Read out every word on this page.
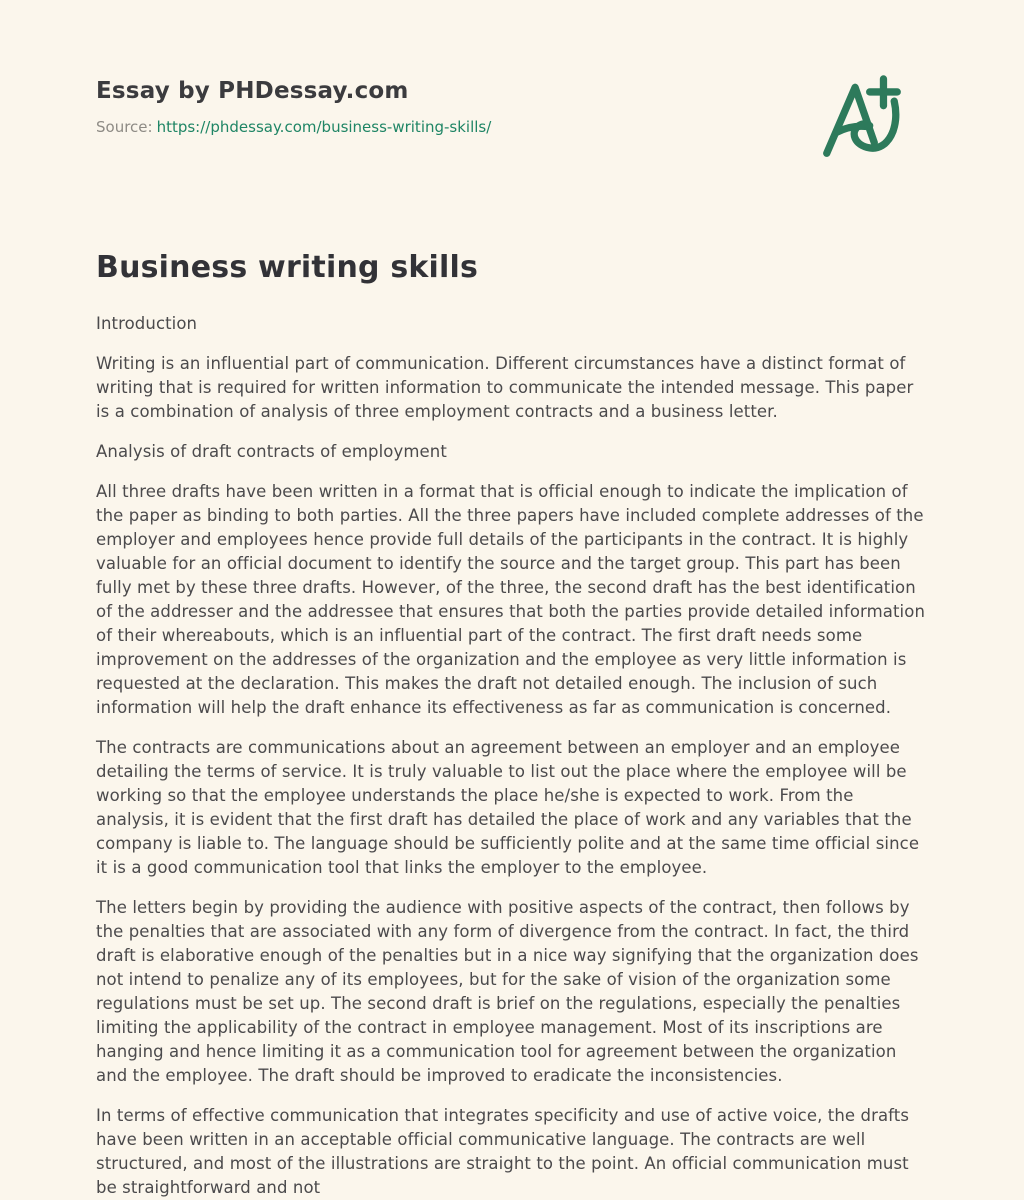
Essay by PHDessay.com
Source: https://phdessay.com/business-writing-skills/
Business writing skills

Introduction

Writing is an influential part of communication. Different circumstances have a distinct format of writing that is required for written information to communicate the intended message. This paper is a combination of analysis of three employment contracts and a business letter.

Analysis of draft contracts of employment

All three drafts have been written in a format that is official enough to indicate the implication of the paper as binding to both parties. All the three papers have included complete addresses of the employer and employees hence provide full details of the participants in the contract. It is highly valuable for an official document to identify the source and the target group. This part has been fully met by these three drafts. However, of the three, the second draft has the best identification of the addresser and the addressee that ensures that both the parties provide detailed information of their whereabouts, which is an influential part of the contract. The first draft needs some improvement on the addresses of the organization and the employee as very little information is requested at the declaration. This makes the draft not detailed enough. The inclusion of such information will help the draft enhance its effectiveness as far as communication is concerned.

The contracts are communications about an agreement between an employer and an employee detailing the terms of service. It is truly valuable to list out the place where the employee will be working so that the employee understands the place he/she is expected to work. From the analysis, it is evident that the first draft has detailed the place of work and any variables that the company is liable to. The language should be sufficiently polite and at the same time official since it is a good communication tool that links the employer to the employee.

The letters begin by providing the audience with positive aspects of the contract, then follows by the penalties that are associated with any form of divergence from the contract. In fact, the third draft is elaborative enough of the penalties but in a nice way signifying that the organization does not intend to penalize any of its employees, but for the sake of vision of the organization some regulations must be set up. The second draft is brief on the regulations, especially the penalties limiting the applicability of the contract in employee management. Most of its inscriptions are hanging and hence limiting it as a communication tool for agreement between the organization and the employee. The draft should be improved to eradicate the inconsistencies.

In terms of effective communication that integrates specificity and use of active voice, the drafts have been written in an acceptable official communicative language. The contracts are well structured, and most of the illustrations are straight to the point. An official communication must be straightforward and not
